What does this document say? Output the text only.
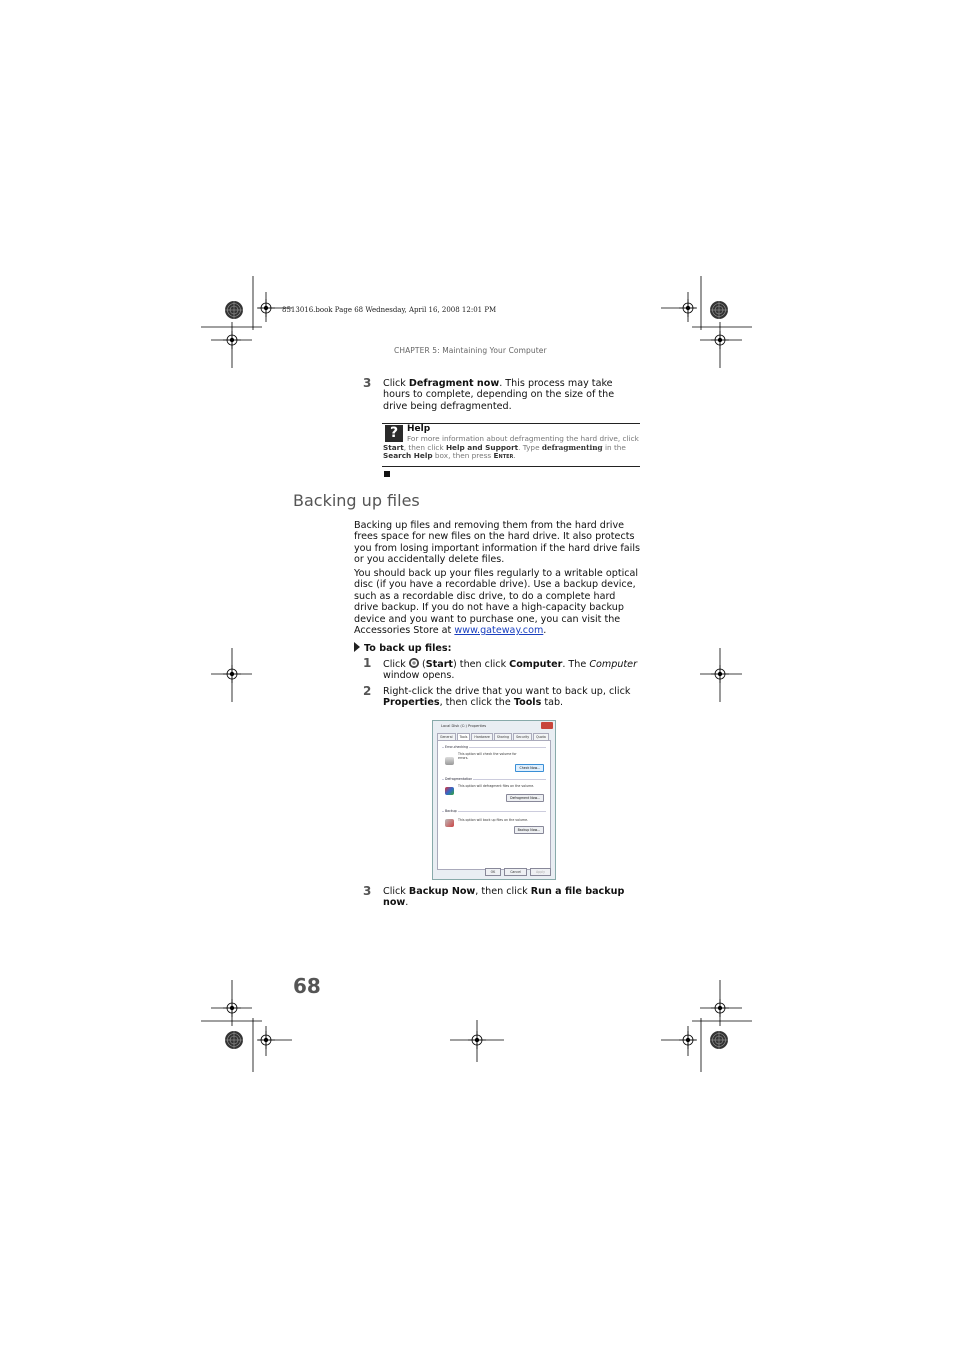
8513016.book Page 68 Wednesday, April 16, 2008 12:01 PM
CHAPTER 5: Maintaining Your Computer
3 Click Defragment now. This process may take hours to complete, depending on the size of the drive being defragmented.
? Help
For more information about defragmenting the hard drive, click Start, then click Help and Support. Type defragmenting in the Search Help box, then press Enter.
Backing up files
Backing up files and removing them from the hard drive frees space for new files on the hard drive. It also protects you from losing important information if the hard drive fails or you accidentally delete files.
You should back up your files regularly to a writable optical disc (if you have a recordable drive). Use a backup device, such as a recordable disc drive, to do a complete hard drive backup. If you do not have a high-capacity backup device and you want to purchase one, you can visit the Accessories Store at www.gateway.com.
To back up files:
1 Click  (Start) then click Computer. The Computer window opens.
2 Right-click the drive that you want to back up, click Properties, then click the Tools tab.
Local Disk (C:) Properties
General	Tools	Hardware	Sharing	Security	Quota
Error-checking
This option will check the volume for
errors.
Check Now...
Defragmentation
This option will defragment files on the volume.
Defragment Now...
Backup
This option will back up files on the volume.
Backup Now...
OK	Cancel	Apply
3 Click Backup Now, then click Run a file backup now.
68
